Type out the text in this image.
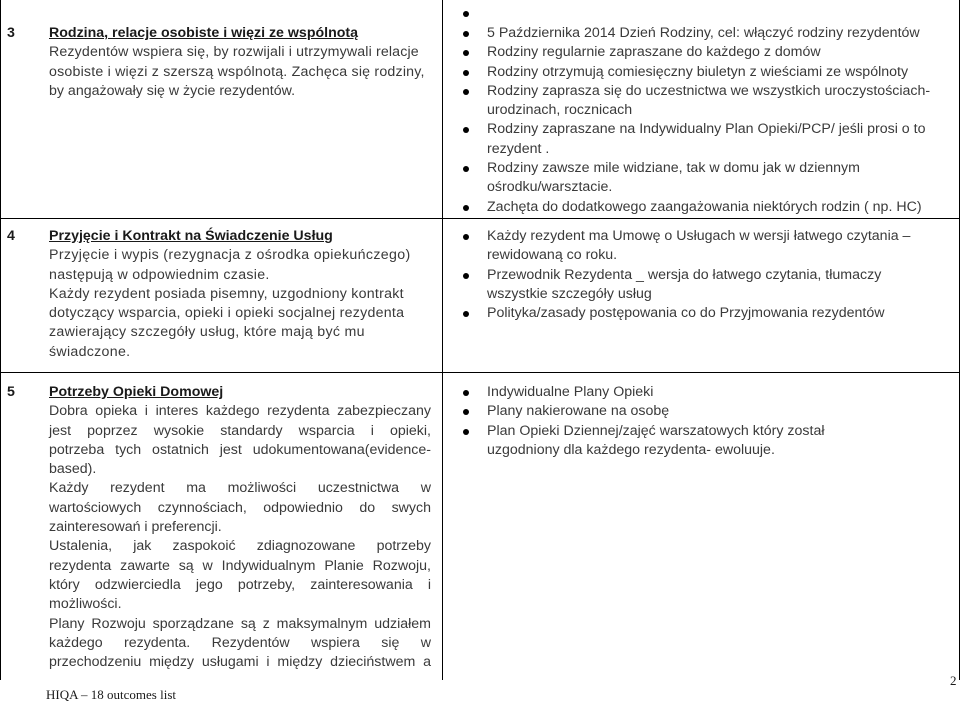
3 Rodzina, relacje osobiste i więzi ze wspólnotą
Rezydentów wspiera się, by rozwijali i utrzymywali relacje
osobiste i więzi z szerszą wspólnotą. Zachęca się rodziny,
by angażowały się w życie rezydentów.
5 Października 2014 Dzień Rodziny, cel: włączyć rodziny rezydentów
Rodziny regularnie zapraszane do każdego z domów
Rodziny otrzymują comiesięczny biuletyn z wieściami ze wspólnoty
Rodziny zaprasza się do uczestnictwa we wszystkich uroczystościach-urodzinach, rocznicach
Rodziny zapraszane na Indywidualny Plan Opieki/PCP/ jeśli prosi o to rezydent .
Rodziny zawsze mile widziane, tak w domu jak w dziennym ośrodku/warsztacie.
Zachęta do dodatkowego zaangażowania niektórych rodzin ( np. HC)
4 Przyjęcie i Kontrakt na Świadczenie Usług
Przyjęcie i wypis (rezygnacja z ośrodka opiekuńczego)
następują w odpowiednim czasie.
Każdy rezydent posiada pisemny, uzgodniony kontrakt
dotyczący wsparcia, opieki i opieki socjalnej rezydenta
zawierający szczegóły usług, które mają być mu
świadczone.
Każdy rezydent ma Umowę o Usługach w wersji łatwego czytania – rewidowaną co roku.
Przewodnik Rezydenta _ wersja do łatwego czytania, tłumaczy wszystkie szczegóły usług
Polityka/zasady postępowania co do Przyjmowania rezydentów
5 Potrzeby Opieki Domowej
Dobra opieka i interes każdego rezydenta zabezpieczany
jest poprzez wysokie standardy wsparcia i opieki,
potrzeba tych ostatnich jest udokumentowana(evidence-
based).
Każdy rezydent ma możliwości uczestnictwa w
wartościowych czynnościach, odpowiednio do swych
zainteresowań i preferencji.
Ustalenia, jak zaspokoić zdiagnozowane potrzeby
rezydenta zawarte są w Indywidualnym Planie Rozwoju,
który odzwierciedla jego potrzeby, zainteresowania i
możliwości.
Plany Rozwoju sporządzane są z maksymalnym udziałem
każdego rezydenta. Rezydentów wspiera się w
przechodzeniu między usługami i między dzieciństwem a
Indywidualne Plany Opieki
Plany nakierowane na osobę
Plan Opieki Dziennej/zajęć warszatowych który został uzgodniony dla każdego rezydenta- ewoluuje.
HIQA – 18 outcomes list
2
